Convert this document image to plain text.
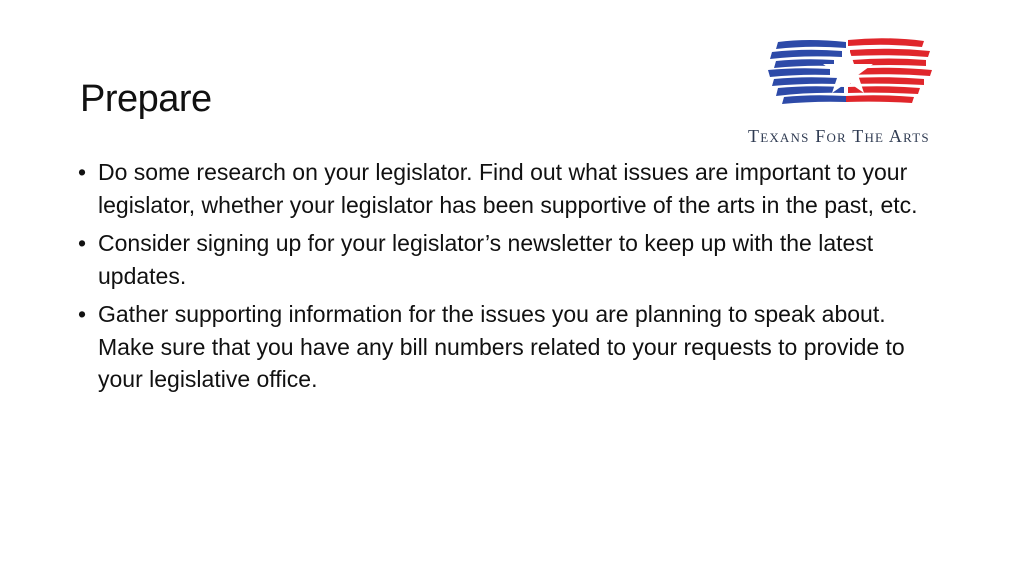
Prepare
Texans For The Arts
• Do some research on your legislator. Find out what issues are important to your legislator, whether your legislator has been supportive of the arts in the past, etc.
• Consider signing up for your legislator’s newsletter to keep up with the latest updates.
• Gather supporting information for the issues you are planning to speak about. Make sure that you have any bill numbers related to your requests to provide to your legislative office.
